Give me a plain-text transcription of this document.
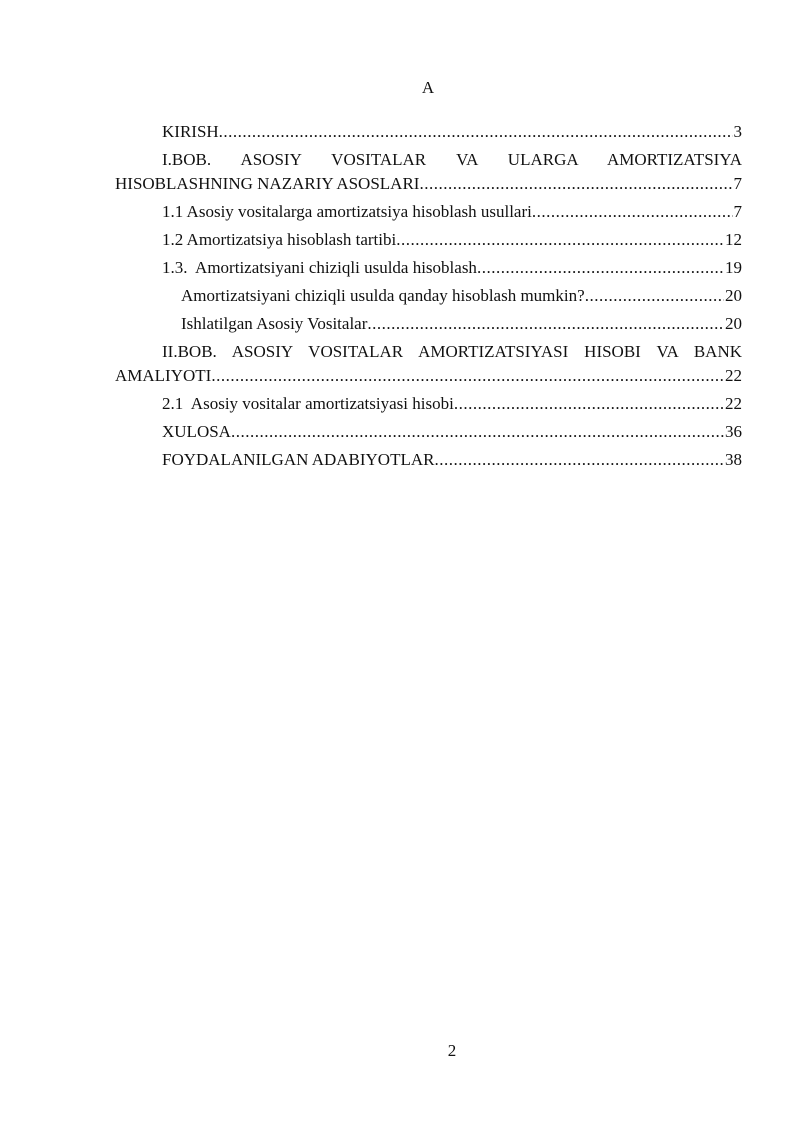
A
KIRISH .....	3
I.BOB. ASOSIY VOSITALAR VA ULARGA AMORTIZATSIYA
HISOBLASHNING NAZARIY ASOSLARI .....	7
1.1 Asosiy vositalarga amortizatsiya hisoblash usullari .....	7
1.2 Amortizatsiya hisoblash tartibi .....	12
1.3.  Amortizatsiyani chiziqli usulda hisoblash .....	19
Amortizatsiyani chiziqli usulda qanday hisoblash mumkin? .....	20
Ishlatilgan Asosiy Vositalar .....	20
II.BOB. ASOSIY VOSITALAR AMORTIZATSIYASI HISOBI VA BANK
AMALIYOTI .....	22
2.1  Asosiy vositalar amortizatsiyasi hisobi .....	22
XULOSA .....	36
FOYDALANILGAN ADABIYOTLAR .....	38
2
